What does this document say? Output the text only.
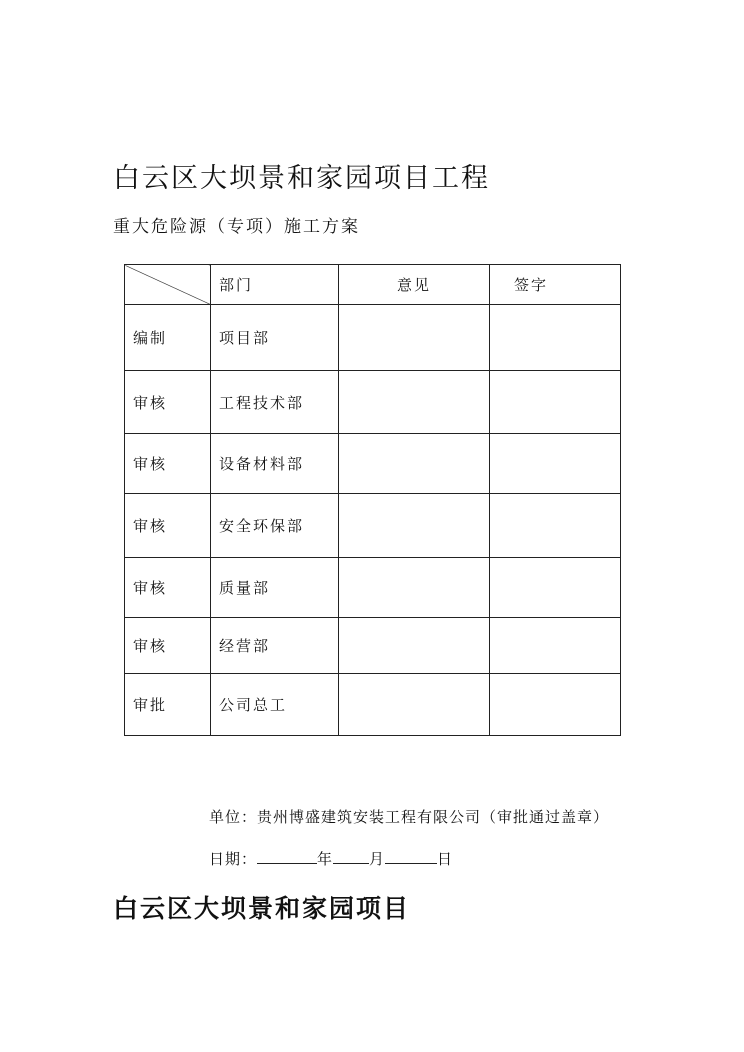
白云区大坝景和家园项目工程
重大危险源（专项）施工方案
	部门	意见	签字
编制	项目部		
审核	工程技术部		
审核	设备材料部		
审核	安全环保部		
审核	质量部		
审核	经营部		
审批	公司总工		
单位：贵州博盛建筑安装工程有限公司（审批通过盖章）
日期：	年 月	日
白云区大坝景和家园项目
